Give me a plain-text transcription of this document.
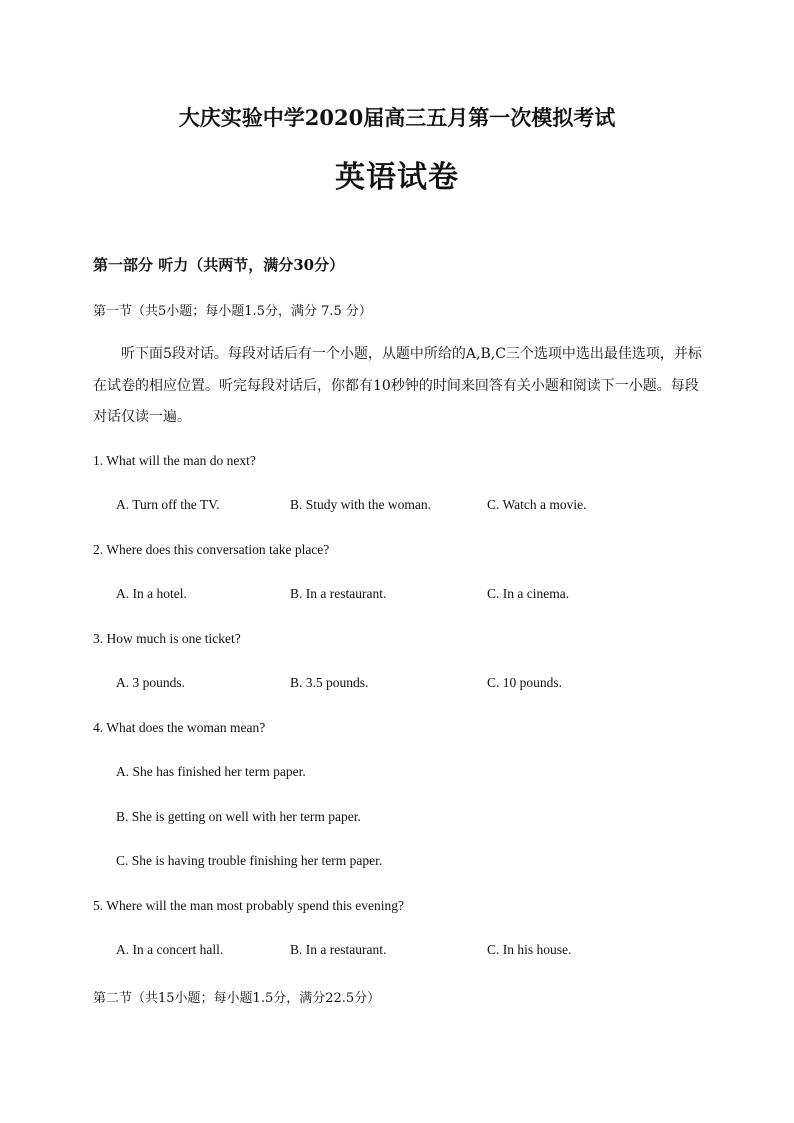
大庆实验中学2020届高三五月第一次模拟考试
英语试卷
第一部分 听力（共两节，满分30分）
第一节（共5小题；每小题1.5分，满分 7.5 分）
听下面5段对话。每段对话后有一个小题，从题中所给的A,B,C三个选项中选出最佳选项，并标在试卷的相应位置。听完每段对话后，你都有10秒钟的时间来回答有关小题和阅读下一小题。每段对话仅读一遍。
1. What will the man do next?
A. Turn off the TV.	B. Study with the woman.	C. Watch a movie.
2. Where does this conversation take place?
A. In a hotel.	B. In a restaurant.	C. In a cinema.
3. How much is one ticket?
A. 3 pounds.	B. 3.5 pounds.	C. 10 pounds.
4. What does the woman mean?
A. She has finished her term paper.
B. She is getting on well with her term paper.
C. She is having trouble finishing her term paper.
5. Where will the man most probably spend this evening?
A. In a concert hall.	B. In a restaurant.	C. In his house.
第二节（共15小题；每小题1.5分，满分22.5分）
